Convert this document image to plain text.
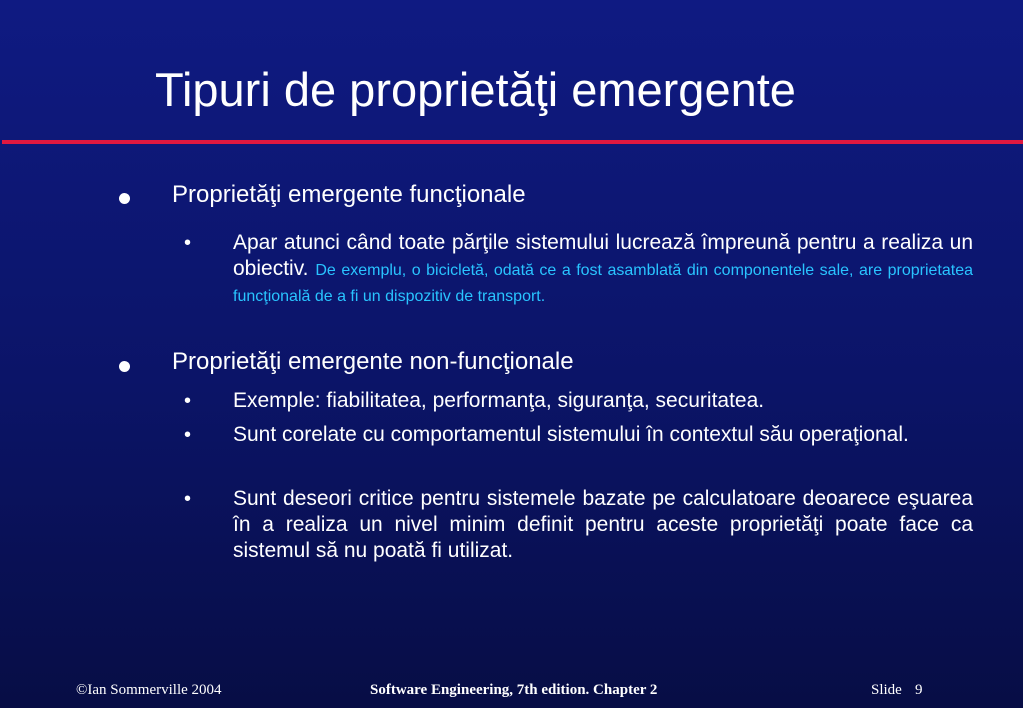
Tipuri de proprietăţi emergente
Proprietăţi emergente funcţionale
• Apar atunci când toate părţile sistemului lucrează împreună pentru a realiza un obiectiv. De exemplu, o bicicletă, odată ce a fost asamblată din componentele sale, are proprietatea funcţională de a fi un dispozitiv de transport.
Proprietăţi emergente non-funcţionale
• Exemple: fiabilitatea, performanţa, siguranţa, securitatea.
• Sunt corelate cu comportamentul sistemului în contextul său operaţional.
• Sunt deseori critice pentru sistemele bazate pe calculatoare deoarece eşuarea în a realiza un nivel minim definit pentru aceste proprietăţi poate face ca sistemul să nu poată fi utilizat.
©Ian Sommerville 2004	Software Engineering, 7th edition. Chapter 2	Slide 9
